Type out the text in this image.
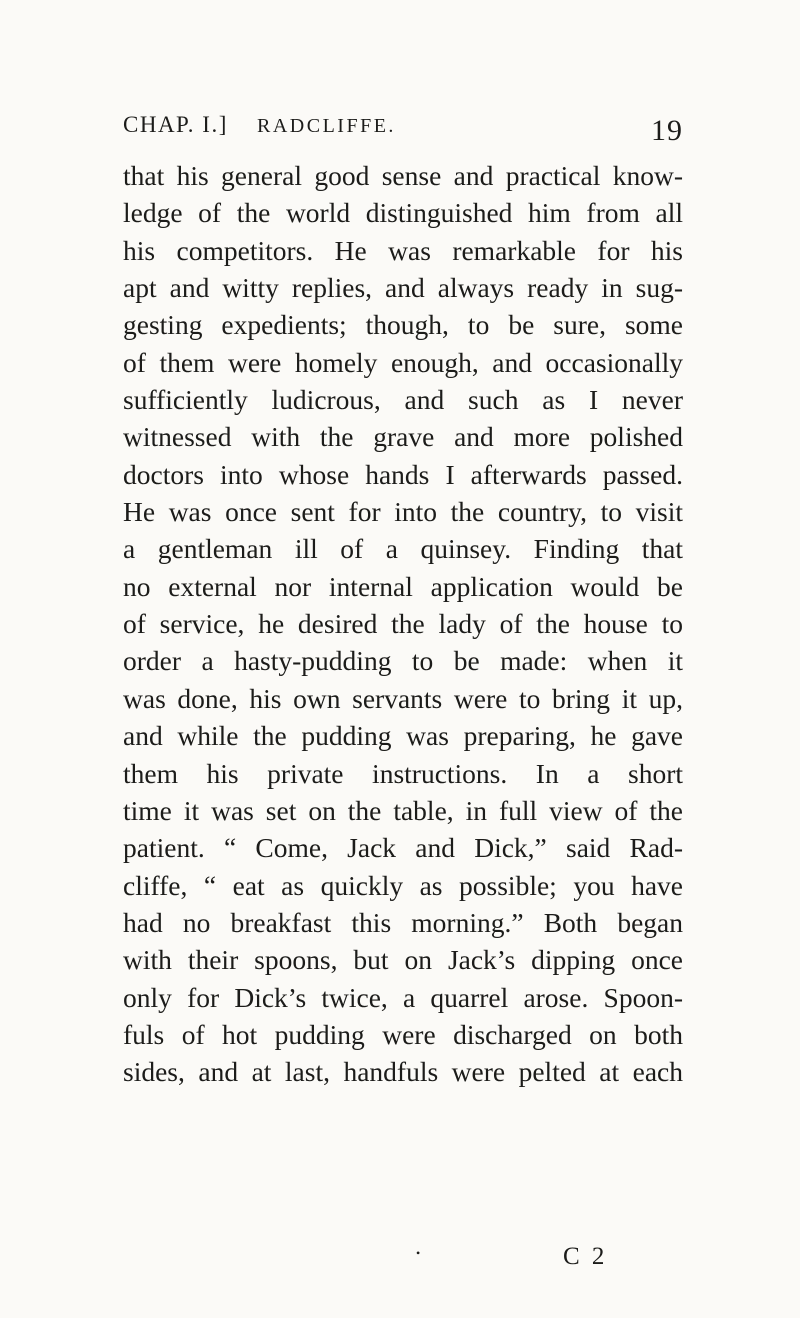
CHAP. I.] RADCLIFFE.	19
that his general good sense and practical know-
ledge of the world distinguished him from all
his competitors. He was remarkable for his
apt and witty replies, and always ready in sug-
gesting expedients; though, to be sure, some
of them were homely enough, and occasionally
sufficiently ludicrous, and such as I never
witnessed with the grave and more polished
doctors into whose hands I afterwards passed.
He was once sent for into the country, to visit
a gentleman ill of a quinsey. Finding that
no external nor internal application would be
of service, he desired the lady of the house to
order a hasty-pudding to be made: when it
was done, his own servants were to bring it up,
and while the pudding was preparing, he gave
them his private instructions. In a short
time it was set on the table, in full view of the
patient. “ Come, Jack and Dick,” said Rad-
cliffe, “ eat as quickly as possible; you have
had no breakfast this morning.” Both began
with their spoons, but on Jack’s dipping once
only for Dick’s twice, a quarrel arose. Spoon-
fuls of hot pudding were discharged on both
sides, and at last, handfuls were pelted at each
•	C 2
